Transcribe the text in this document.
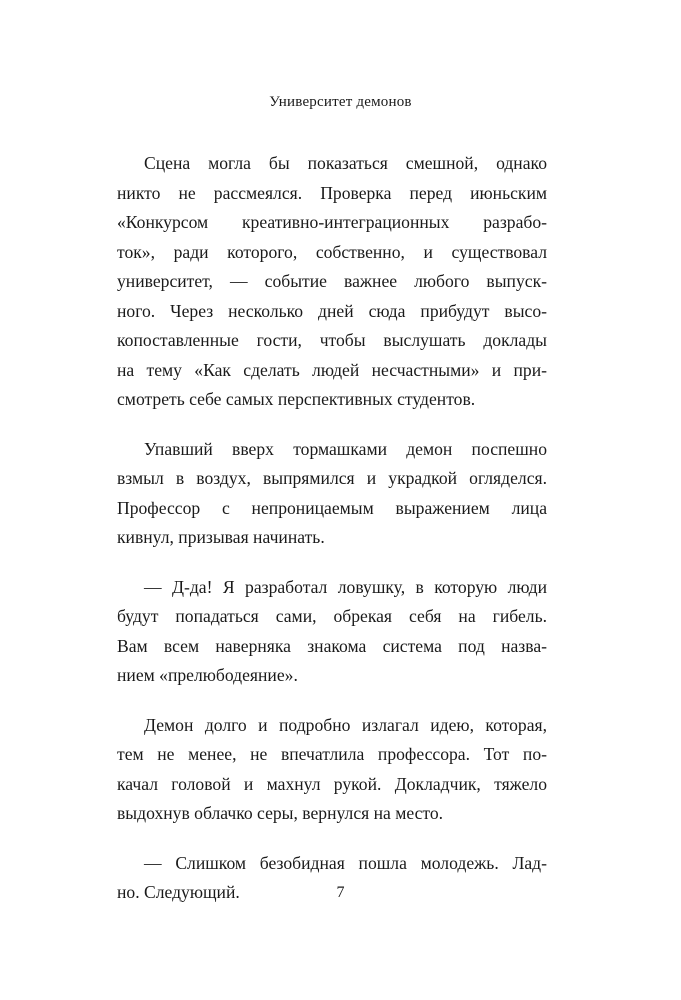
Университет демонов
Сцена могла бы показаться смешной, однако
никто не рассмеялся. Проверка перед июньским
«Конкурсом креативно-интеграционных разрабо-
ток», ради которого, собственно, и существовал
университет, — событие важнее любого выпуск-
ного. Через несколько дней сюда прибудут высо-
копоставленные гости, чтобы выслушать доклады
на тему «Как сделать людей несчастными» и при-
смотреть себе самых перспективных студентов.
Упавший вверх тормашками демон поспешно
взмыл в воздух, выпрямился и украдкой огляделся.
Профессор с непроницаемым выражением лица
кивнул, призывая начинать.
— Д-да! Я разработал ловушку, в которую люди
будут попадаться сами, обрекая себя на гибель.
Вам всем наверняка знакома система под назва-
нием «прелюбодеяние».
Демон долго и подробно излагал идею, которая,
тем не менее, не впечатлила профессора. Тот по-
качал головой и махнул рукой. Докладчик, тяжело
выдохнув облачко серы, вернулся на место.
— Слишком безобидная пошла молодежь. Лад-
но. Следующий.	7
